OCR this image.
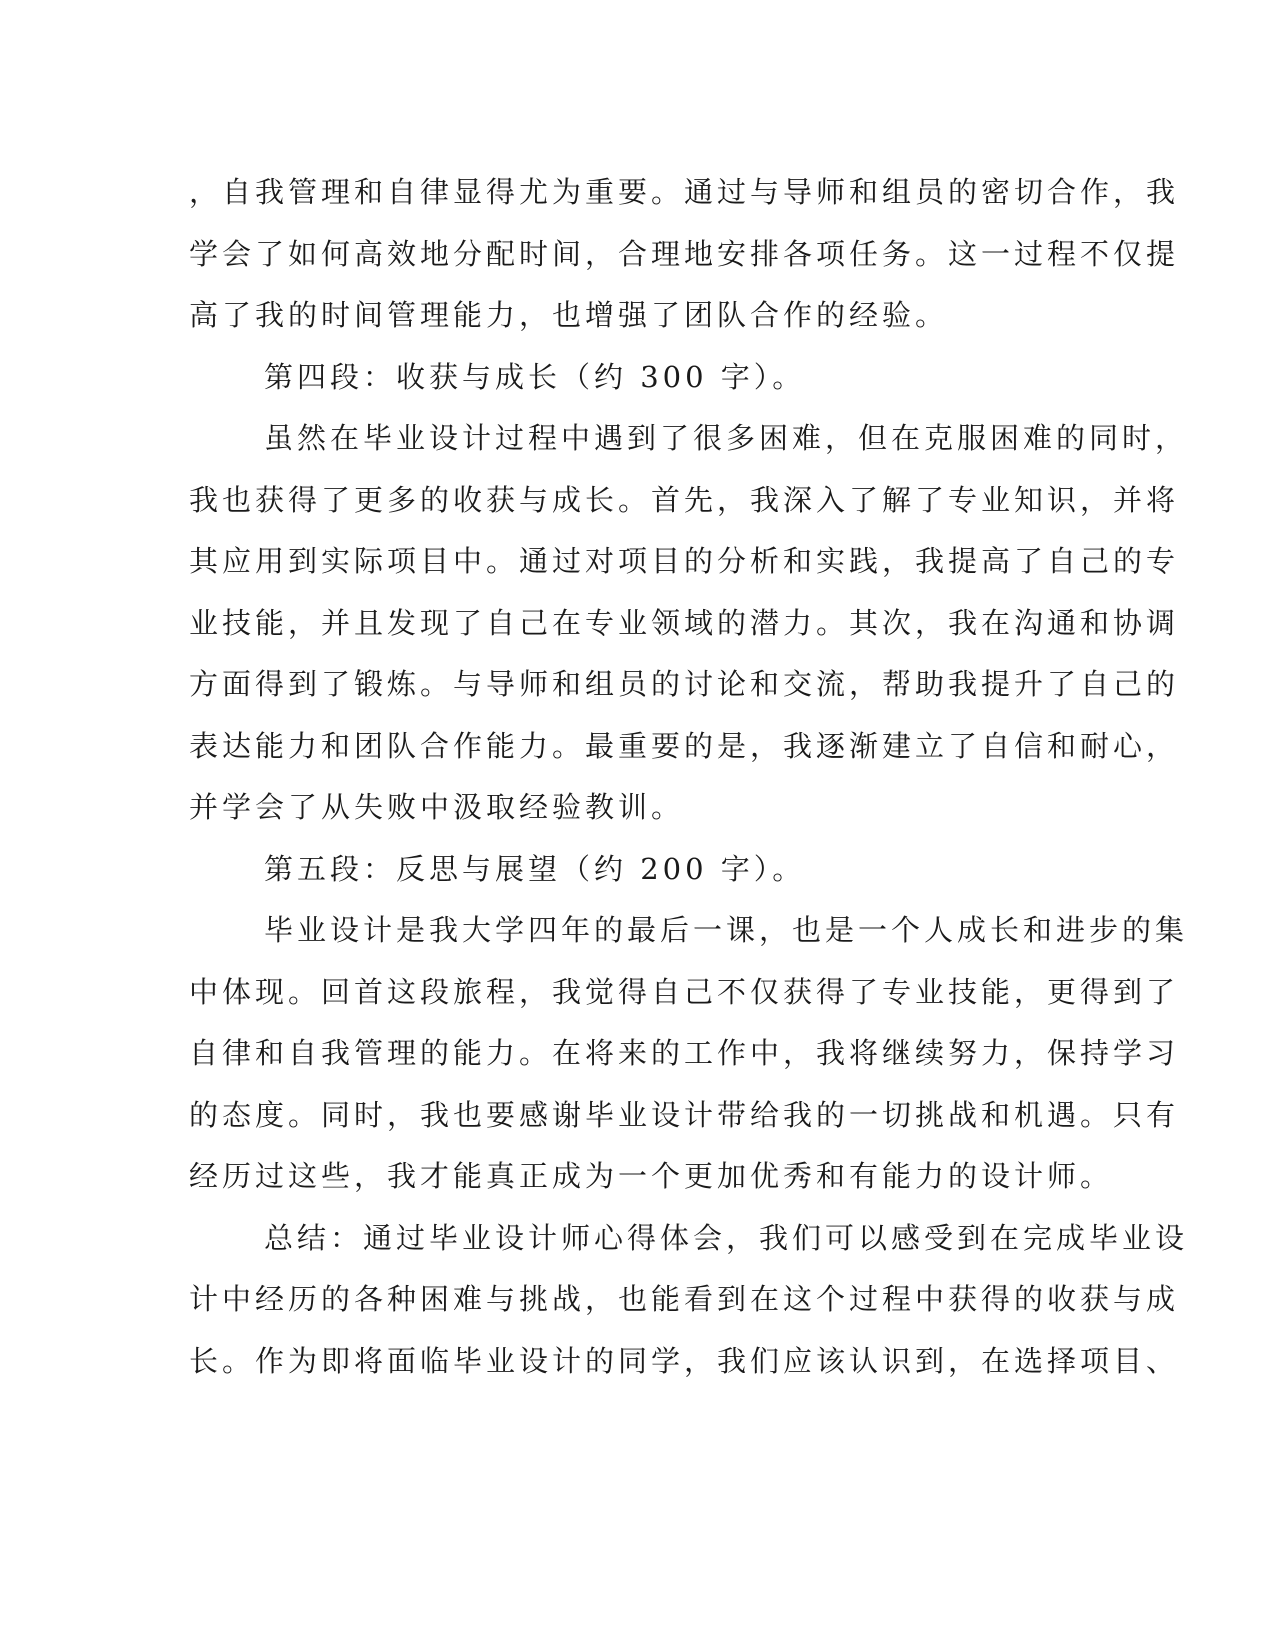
，自我管理和自律显得尤为重要。通过与导师和组员的密切合作，我
学会了如何高效地分配时间，合理地安排各项任务。这一过程不仅提
高了我的时间管理能力，也增强了团队合作的经验。
第四段：收获与成长（约 300 字）。
虽然在毕业设计过程中遇到了很多困难，但在克服困难的同时，
我也获得了更多的收获与成长。首先，我深入了解了专业知识，并将
其应用到实际项目中。通过对项目的分析和实践，我提高了自己的专
业技能，并且发现了自己在专业领域的潜力。其次，我在沟通和协调
方面得到了锻炼。与导师和组员的讨论和交流，帮助我提升了自己的
表达能力和团队合作能力。最重要的是，我逐渐建立了自信和耐心，
并学会了从失败中汲取经验教训。
第五段：反思与展望（约 200 字）。
毕业设计是我大学四年的最后一课，也是一个人成长和进步的集
中体现。回首这段旅程，我觉得自己不仅获得了专业技能，更得到了
自律和自我管理的能力。在将来的工作中，我将继续努力，保持学习
的态度。同时，我也要感谢毕业设计带给我的一切挑战和机遇。只有
经历过这些，我才能真正成为一个更加优秀和有能力的设计师。
总结：通过毕业设计师心得体会，我们可以感受到在完成毕业设
计中经历的各种困难与挑战，也能看到在这个过程中获得的收获与成
长。作为即将面临毕业设计的同学，我们应该认识到，在选择项目、
